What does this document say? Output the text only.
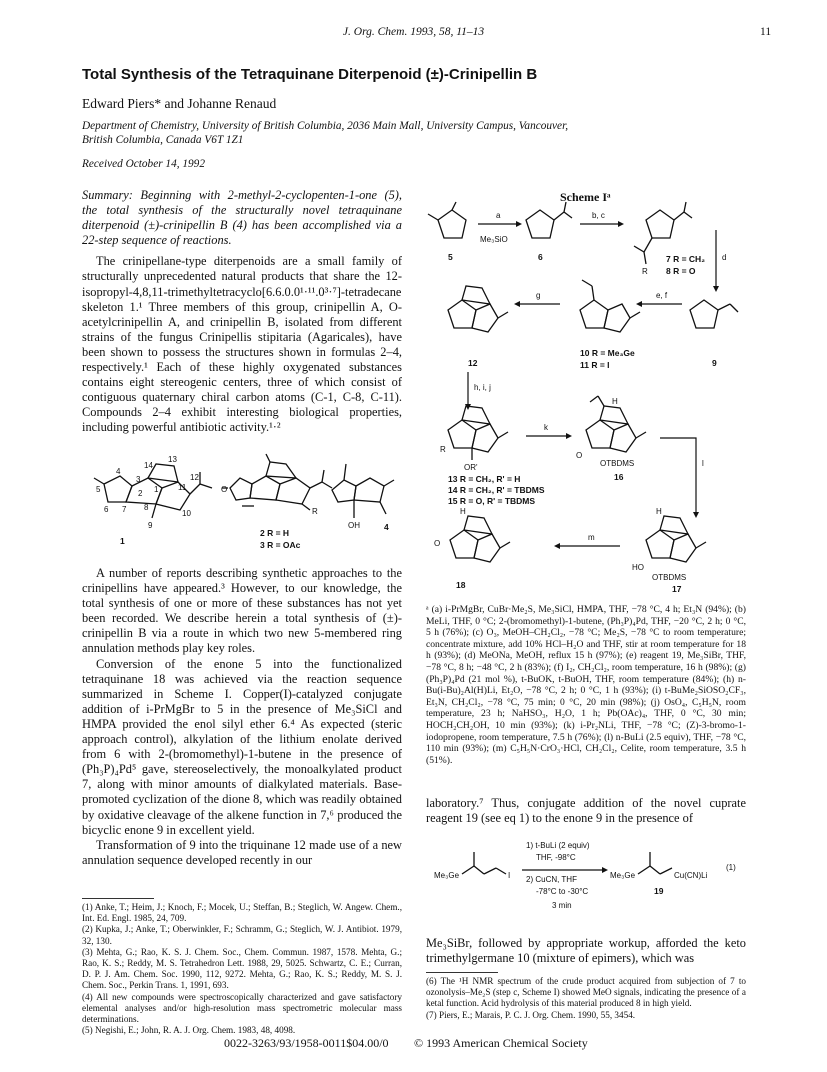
J. Org. Chem. 1993, 58, 11–13	11
Total Synthesis of the Tetraquinane Diterpenoid (±)-Crinipellin B
Edward Piers* and Johanne Renaud
Department of Chemistry, University of British Columbia, 2036 Main Mall, University Campus, Vancouver,
British Columbia, Canada V6T 1Z1
Received October 14, 1992

Summary: Beginning with 2-methyl-2-cyclopenten-1-one (5), the total synthesis of the structurally novel tetraquinane diterpenoid (±)-crinipellin B (4) has been accomplished via a 22-step sequence of reactions.

The crinipellane-type diterpenoids are a small family of structurally unprecedented natural products that share the 12-isopropyl-4,8,11-trimethyltetracyclo[6.6.0.0¹·¹¹.0³·⁷]-tetradecane skeleton 1.¹ Three members of this group, crinipellin A, O-acetylcrinipellin A, and crinipellin B, isolated from different strains of the fungus Crinipellis stipitaria (Agaricales), have been shown to possess the structures shown in formulas 2–4, respectively.¹ Each of these highly oxygenated substances contains eight stereogenic centers, three of which consist of contiguous quaternary chiral carbon atoms (C-1, C-8, C-11). Compounds 2–4 exhibit interesting biological properties, including powerful antibiotic activity.¹·²

5
4
3
2 1
6 7 8
9
10
11
12
13
14
1
O
R
2 R = H
3 R = OAc
OH	4

A number of reports describing synthetic approaches to the crinipellins have appeared.³ However, to our knowledge, the total synthesis of one or more of these substances has not yet been recorded. We describe herein a total synthesis of (±)-crinipellin B via a route in which two new 5-membered ring annulation methods play key roles.

Conversion of the enone 5 into the functionalized tetraquinane 18 was achieved via the reaction sequence summarized in Scheme I. Copper(I)-catalyzed conjugate addition of i-PrMgBr to 5 in the presence of Me₃SiCl and HMPA provided the enol silyl ether 6.⁴ As expected (steric approach control), alkylation of the lithium enolate derived from 6 with 2-(bromomethyl)-1-butene in the presence of (Ph₃P)₄Pd⁵ gave, stereoselectively, the monoalkylated product 7, along with minor amounts of dialkylated materials. Base-promoted cyclization of the dione 8, which was readily obtained by oxidative cleavage of the alkene function in 7,⁶ produced the bicyclic enone 9 in excellent yield.

Transformation of 9 into the triquinane 12 made use of a new annulation sequence developed recently in our

(1) Anke, T.; Heim, J.; Knoch, F.; Mocek, U.; Steffan, B.; Steglich, W. Angew. Chem., Int. Ed. Engl. 1985, 24, 709.

(2) Kupka, J.; Anke, T.; Oberwinkler, F.; Schramm, G.; Steglich, W. J. Antibiot. 1979, 32, 130.

(3) Mehta, G.; Rao, K. S. J. Chem. Soc., Chem. Commun. 1987, 1578. Mehta, G.; Rao, K. S.; Reddy, M. S. Tetrahedron Lett. 1988, 29, 5025. Schwartz, C. E.; Curran, D. P. J. Am. Chem. Soc. 1990, 112, 9272. Mehta, G.; Rao, K. S.; Reddy, M. S. J. Chem. Soc., Perkin Trans. 1, 1991, 693.

(4) All new compounds were spectroscopically characterized and gave satisfactory elemental analyses and/or high-resolution mass spectrometric molecular mass determinations.

(5) Negishi, E.; John, R. A. J. Org. Chem. 1983, 48, 4098.

Scheme Iᵃ
5
a
Me₃SiO
6
b, c
R
7 R = CH₂
8 R = O
d
9
e, f
10 R = Me₃Ge
11 R = I
g
12
h, i, j
R
OR'
13 R = CH₂, R' = H
14 R = CH₂, R' = TBDMS
15 R = O, R' = TBDMS
k
H
O
OTBDMS
16
l
H
HO
OTBDMS
17
m
O
H
18

ᵃ (a) i-PrMgBr, CuBr·Me₂S, Me₃SiCl, HMPA, THF, −78 °C, 4 h; Et₃N (94%); (b) MeLi, THF, 0 °C; 2-(bromomethyl)-1-butene, (Ph₃P)₄Pd, THF, −20 °C, 2 h; 0 °C, 5 h (76%); (c) O₃, MeOH–CH₂Cl₂, −78 °C; Me₂S, −78 °C to room temperature; concentrate mixture, add 10% HCl–H₂O and THF, stir at room temperature for 18 h (93%); (d) MeONa, MeOH, reflux 15 h (97%); (e) reagent 19, Me₃SiBr, THF, −78 °C, 8 h; −48 °C, 2 h (83%); (f) I₂, CH₂Cl₂, room temperature, 16 h (98%); (g) (Ph₃P)₄Pd (21 mol %), t-BuOK, t-BuOH, THF, room temperature (84%); (h) n-Bu(i-Bu)₂Al(H)Li, Et₂O, −78 °C, 2 h; 0 °C, 1 h (93%); (i) t-BuMe₂SiOSO₂CF₃, Et₃N, CH₂Cl₂, −78 °C, 75 min; 0 °C, 20 min (98%); (j) OsO₄, C₅H₅N, room temperature, 23 h; NaHSO₃, H₂O, 1 h; Pb(OAc)₄, THF, 0 °C, 30 min; HOCH₂CH₂OH, 10 min (93%); (k) i-Pr₂NLi, THF, −78 °C; (Z)-3-bromo-1-iodopropene, room temperature, 7.5 h (76%); (l) n-BuLi (2.5 equiv), THF, −78 °C, 110 min (93%); (m) C₅H₅N·CrO₃·HCl, CH₂Cl₂, Celite, room temperature, 3.5 h (51%).

laboratory.⁷ Thus, conjugate addition of the novel cuprate reagent 19 (see eq 1) to the enone 9 in the presence of

Me₃Ge	I
1) t-BuLi (2 equiv)
THF, -98°C
2) CuCN, THF
-78°C to -30°C
3 min
Me₃Ge	Cu(CN)Li
19
(1)

Me₃SiBr, followed by appropriate workup, afforded the keto trimethylgermane 10 (mixture of epimers), which was

(6) The ¹H NMR spectrum of the crude product acquired from subjection of 7 to ozonolysis–Me₂S (step c, Scheme I) showed MeO signals, indicating the presence of a ketal function. Acid hydrolysis of this material produced 8 in high yield.

(7) Piers, E.; Marais, P. C. J. Org. Chem. 1990, 55, 3454.

0022-3263/93/1958-0011$04.00/0 © 1993 American Chemical Society
